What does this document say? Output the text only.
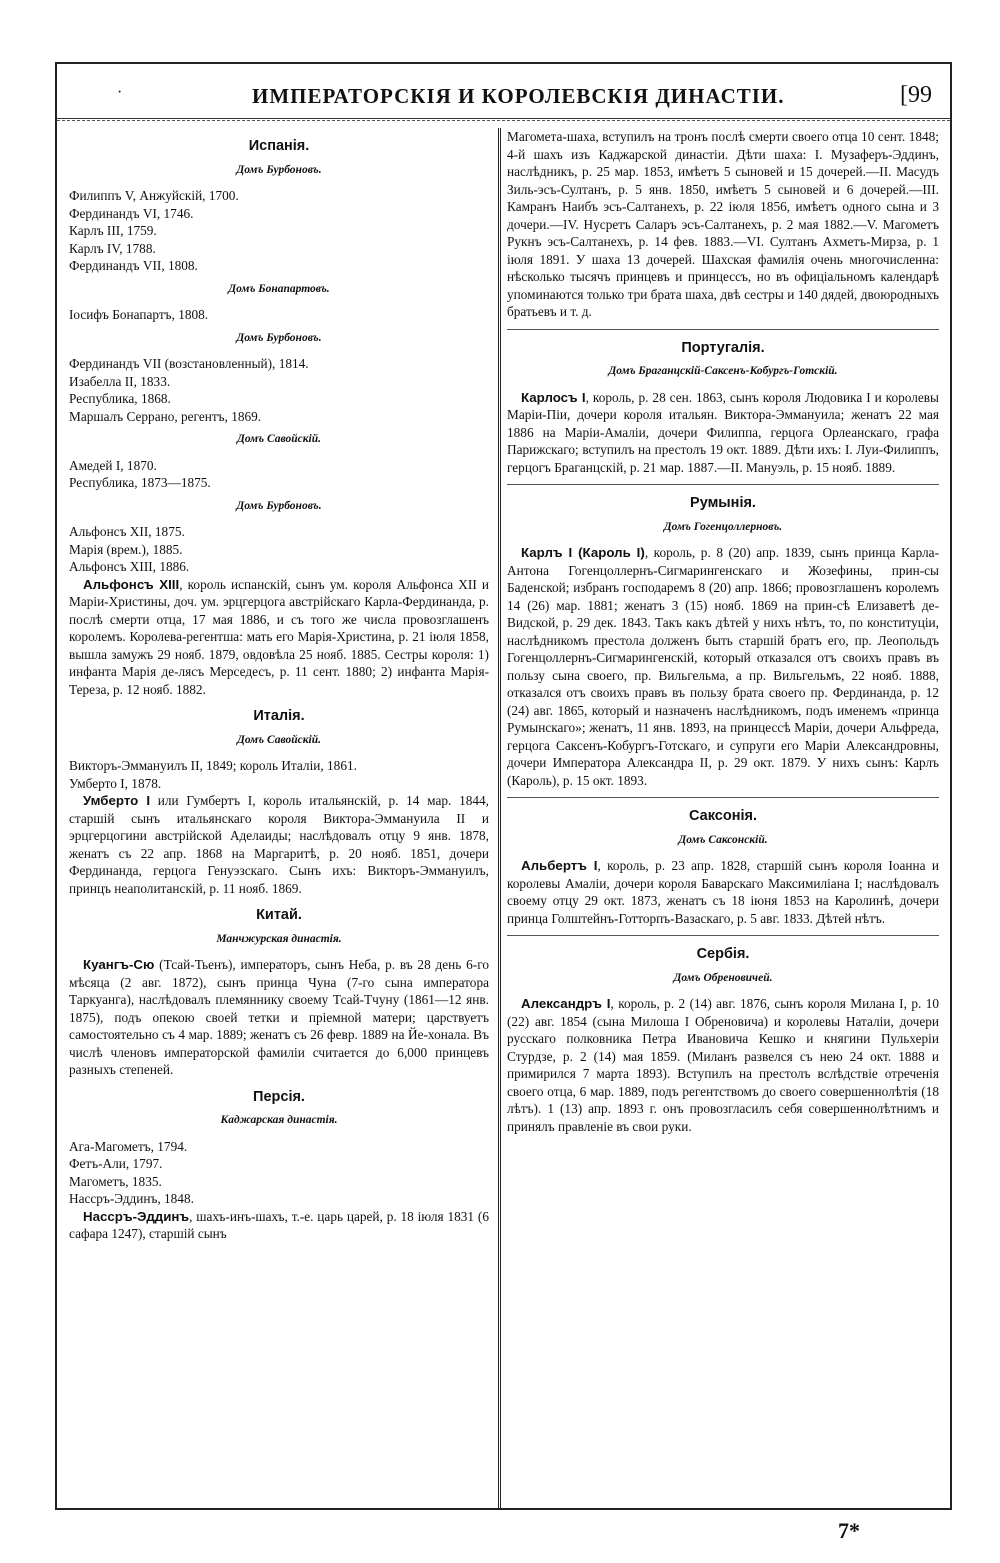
·	ИМПЕРАТОРСКІЯ И КОРОЛЕВСКІЯ ДИНАСТІИ.	[99
Испанія.
Домъ Бурбоновъ.

Филиппъ V, Анжуйскій, 1700.

Фердинандъ VI, 1746.

Карлъ III, 1759.

Карлъ IV, 1788.

Фердинандъ VII, 1808.

Домъ Бонапартовъ.

Іосифъ Бонапартъ, 1808.

Домъ Бурбоновъ.

Фердинандъ VII (возстановленный), 1814.

Изабелла II, 1833.

Республика, 1868.

Маршалъ Серрано, регентъ, 1869.

Домъ Савойскій.

Амедей I, 1870.

Республика, 1873—1875.

Домъ Бурбоновъ.

Альфонсъ XII, 1875.

Марія (врем.), 1885.

Альфонсъ XIII, 1886.

Альфонсъ XIII, король испанскій, сынъ ум. короля Альфонса XII и Маріи-Христины, доч. ум. эрцгерцога австрійскаго Карла-Фердинанда, р. послѣ смерти отца, 17 мая 1886, и съ того же числа провозглашенъ королемъ. Королева-регентша: мать его Марія-Христина, р. 21 іюля 1858, вышла замужъ 29 нояб. 1879, овдовѣла 25 нояб. 1885. Сестры короля: 1) инфанта Марія де-лясъ Мерседесъ, р. 11 сент. 1880; 2) инфанта Марія-Тереза, р. 12 нояб. 1882.

Италія.
Домъ Савойскій.

Викторъ-Эммануилъ II, 1849; король Италіи, 1861.

Умберто I, 1878.

Умберто I или Гумбертъ I, король итальянскій, р. 14 мар. 1844, старшій сынъ итальянскаго короля Виктора-Эммануила II и эрцгерцогини австрійской Аделаиды; наслѣдовалъ отцу 9 янв. 1878, женатъ съ 22 апр. 1868 на Маргаритѣ, р. 20 нояб. 1851, дочери Фердинанда, герцога Генуэзскаго. Сынъ ихъ: Викторъ-Эммануилъ, принцъ неаполитанскій, р. 11 нояб. 1869.

Китай.
Манчжурская династія.

Куангъ-Сю (Тсай-Тьенъ), императоръ, сынъ Неба, р. въ 28 день 6-го мѣсяца (2 авг. 1872), сынъ принца Чуна (7-го сына императора Таркуанга), наслѣдовалъ племяннику своему Тсай-Тчуну (1861—12 янв. 1875), подъ опекою своей тетки и пріемной матери; царствуетъ самостоятельно съ 4 мар. 1889; женатъ съ 26 февр. 1889 на Йе-хонала. Въ числѣ членовъ императорской фамиліи считается до 6,000 принцевъ разныхъ степеней.

Персія.
Каджарская династія.

Ага-Магометъ, 1794.

Фетъ-Али, 1797.

Магометъ, 1835.

Нассръ-Эддинъ, 1848.

Нассръ-Эддинъ, шахъ-инъ-шахъ, т.-е. царь царей, р. 18 іюля 1831 (6 сафара 1247), старшій сынъ

Магомета-шаха, вступилъ на тронъ послѣ смерти своего отца 10 сент. 1848; 4-й шахъ изъ Каджарской династіи. Дѣти шаха: I. Музаферъ-Эддинъ, наслѣдникъ, р. 25 мар. 1853, имѣетъ 5 сыновей и 15 дочерей.—II. Масудъ Зиль-эсъ-Султанъ, р. 5 янв. 1850, имѣетъ 5 сыновей и 6 дочерей.—III. Камранъ Наибъ эсъ-Салтанехъ, р. 22 іюля 1856, имѣетъ одного сына и 3 дочери.—IV. Нусретъ Саларъ эсъ-Салтанехъ, р. 2 мая 1882.—V. Магометъ Рукнъ эсъ-Салтанехъ, р. 14 фев. 1883.—VI. Султанъ Ахметъ-Мирза, р. 1 іюля 1891. У шаха 13 дочерей. Шахская фамилія очень многочисленна: нѣсколько тысячъ принцевъ и принцессъ, но въ офиціальномъ календарѣ упоминаются только три брата шаха, двѣ сестры и 140 дядей, двоюродныхъ братьевъ и т. д.

Португалія.
Домъ Браганцскій-Саксенъ-Кобургъ-Готскій.

Карлосъ I, король, р. 28 сен. 1863, сынъ короля Людовика I и королевы Маріи-Піи, дочери короля итальян. Виктора-Эммануила; женатъ 22 мая 1886 на Маріи-Амаліи, дочери Филиппа, герцога Орлеанскаго, графа Парижскаго; вступилъ на престолъ 19 окт. 1889. Дѣти ихъ: I. Луи-Филиппъ, герцогъ Браганцскій, р. 21 мар. 1887.—II. Мануэль, р. 15 нояб. 1889.

Румынія.
Домъ Гогенцоллерновъ.

Карлъ I (Кароль I), король, р. 8 (20) апр. 1839, сынъ принца Карла-Антона Гогенцоллернъ-Сигмарингенскаго и Жозефины, прин-сы Баденской; избранъ господаремъ 8 (20) апр. 1866; провозглашенъ королемъ 14 (26) мар. 1881; женатъ 3 (15) нояб. 1869 на прин-сѣ Елизаветѣ де-Видской, р. 29 дек. 1843. Такъ какъ дѣтей у нихъ нѣтъ, то, по конституціи, наслѣдникомъ престола долженъ быть старшій братъ его, пр. Леопольдъ Гогенцоллернъ-Сигмарингенскій, который отказался отъ своихъ правъ въ пользу сына своего, пр. Вильгельма, а пр. Вильгельмъ, 22 нояб. 1888, отказался отъ своихъ правъ въ пользу брата своего пр. Фердинанда, р. 12 (24) авг. 1865, который и назначенъ наслѣдникомъ, подъ именемъ «принца Румынскаго»; женатъ, 11 янв. 1893, на принцессѣ Маріи, дочери Альфреда, герцога Саксенъ-Кобургъ-Готскаго, и супруги его Маріи Александровны, дочери Императора Александра II, р. 29 окт. 1879. У нихъ сынъ: Карлъ (Кароль), р. 15 окт. 1893.

Саксонія.
Домъ Саксонскій.

Альбертъ I, король, р. 23 апр. 1828, старшій сынъ короля Іоанна и королевы Амаліи, дочери короля Баварскаго Максимиліана I; наслѣдовалъ своему отцу 29 окт. 1873, женатъ съ 18 іюня 1853 на Каролинѣ, дочери принца Голштейнъ-Готторпъ-Вазаскаго, р. 5 авг. 1833. Дѣтей нѣтъ.

Сербія.
Домъ Обреновичей.

Александръ I, король, р. 2 (14) авг. 1876, сынъ короля Милана I, р. 10 (22) авг. 1854 (сына Милоша I Обреновича) и королевы Наталіи, дочери русскаго полковника Петра Ивановича Кешко и княгини Пульхеріи Стурдзе, р. 2 (14) мая 1859. (Миланъ развелся съ нею 24 окт. 1888 и примирился 7 марта 1893). Вступилъ на престолъ вслѣдствіе отреченія своего отца, 6 мар. 1889, подъ регентствомъ до своего совершеннолѣтія (18 лѣтъ). 1 (13) апр. 1893 г. онъ провозгласилъ себя совершеннолѣтнимъ и принялъ правленіе въ свои руки.

7*
